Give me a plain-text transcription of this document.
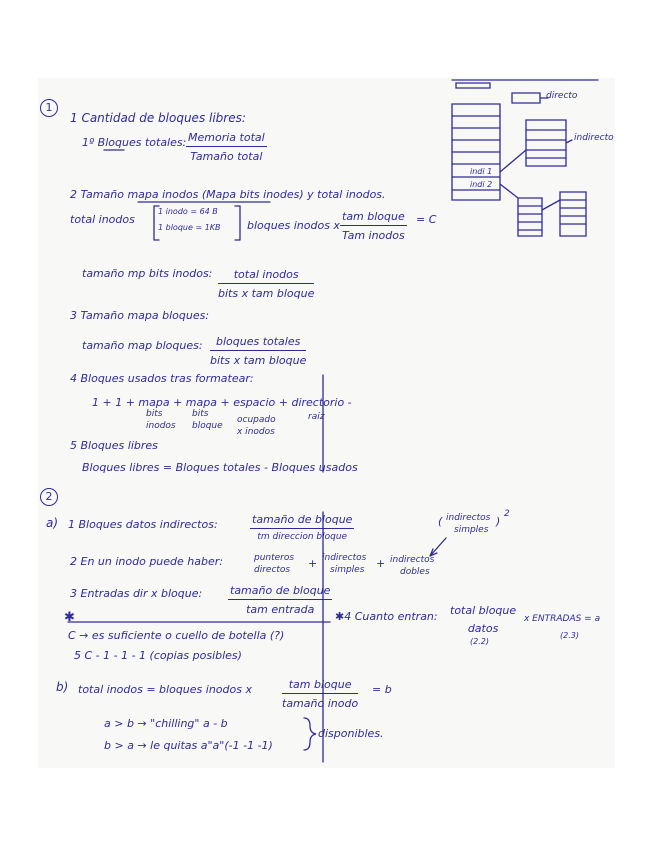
1
1 Cantidad de bloques libres:
1º Bloques totales: Memoria total
Tamaño total
2 Tamaño mapa inodos (Mapa bits inodes) y total inodos.
total inodos
1 inodo = 64 B
1 bloque = 1KB bloques inodos x
tam bloque
Tam inodos
= C
tamaño mp bits inodos:	total inodos
bits x tam bloque
3 Tamaño mapa bloques:
tamaño map bloques:	bloques totales
bits x tam bloque
4 Bloques usados tras formatear:
1 + 1 + mapa + mapa + espacio + directorio -
bits
inodos
bits
bloque
ocupado
x inodos
raiz
5 Bloques libres
Bloques libres = Bloques totales - Bloques usados
2
a) 1 Bloques datos indirectos:	tamaño de bloque
tm direccion bloque
( indirectos
simples
)
2
2 En un inodo puede haber:	punteros
directos + indirectos
simples + indirectos
dobles
3 Entradas dir x bloque:	tamaño de bloque
tam entrada
✱	✱4 Cuanto entran: total bloque
datos
(2.2)
x ENTRADAS = a
(2.3)
C → es suficiente o cuello de botella (?)
5 C - 1 - 1 - 1 (copias posibles)
b) total inodos = bloques inodos x	tam bloque
tamaño inodo
= b
a > b → "chilling" a - b
b > a → le quitas a"a"(-1 -1 -1)
disponibles.
directo
indirecto
indi 1
indi 2
